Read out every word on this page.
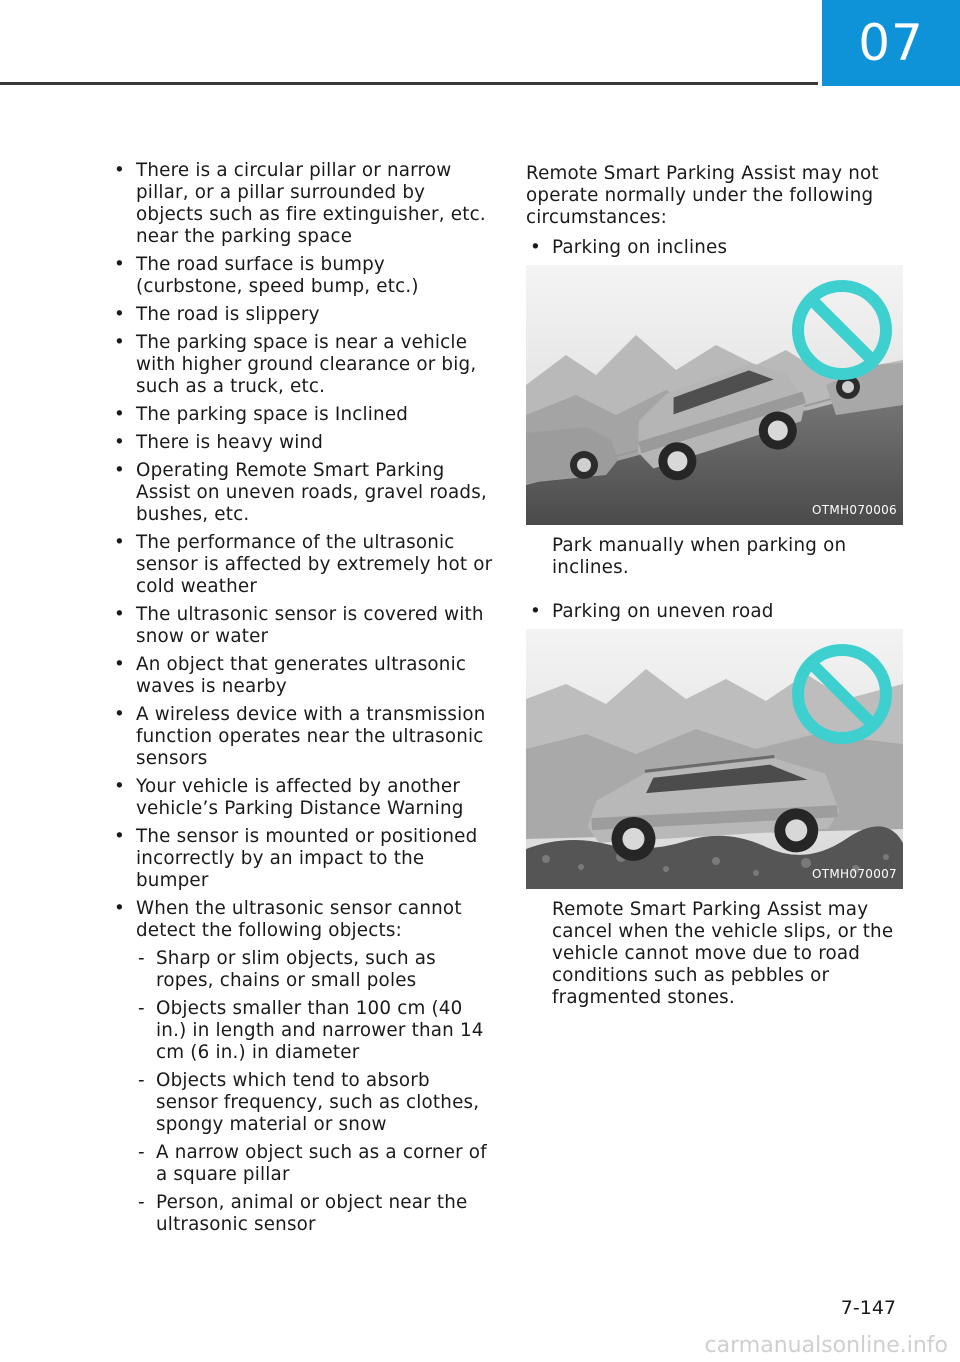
07
• There is a circular pillar or narrow pillar, or a pillar surrounded by objects such as fire extinguisher, etc. near the parking space
• The road surface is bumpy (curbstone, speed bump, etc.)
• The road is slippery
• The parking space is near a vehicle with higher ground clearance or big, such as a truck, etc.
• The parking space is Inclined
• There is heavy wind
• Operating Remote Smart Parking Assist on uneven roads, gravel roads, bushes, etc.
• The performance of the ultrasonic sensor is affected by extremely hot or cold weather
• The ultrasonic sensor is covered with snow or water
• An object that generates ultrasonic waves is nearby
• A wireless device with a transmission function operates near the ultrasonic sensors
• Your vehicle is affected by another vehicle’s Parking Distance Warning
• The sensor is mounted or positioned incorrectly by an impact to the bumper
• When the ultrasonic sensor cannot detect the following objects:
- Sharp or slim objects, such as ropes, chains or small poles
- Objects smaller than 100 cm (40 in.) in length and narrower than 14 cm (6 in.) in diameter
- Objects which tend to absorb sensor frequency, such as clothes, spongy material or snow
- A narrow object such as a corner of a square pillar
- Person, animal or object near the ultrasonic sensor

Remote Smart Parking Assist may not operate normally under the following circumstances:

• Parking on inclines
OTMH070006

Park manually when parking on inclines.

• Parking on uneven road
OTMH070007

Remote Smart Parking Assist may cancel when the vehicle slips, or the vehicle cannot move due to road conditions such as pebbles or fragmented stones.

7-147
carmanualsonline.info
